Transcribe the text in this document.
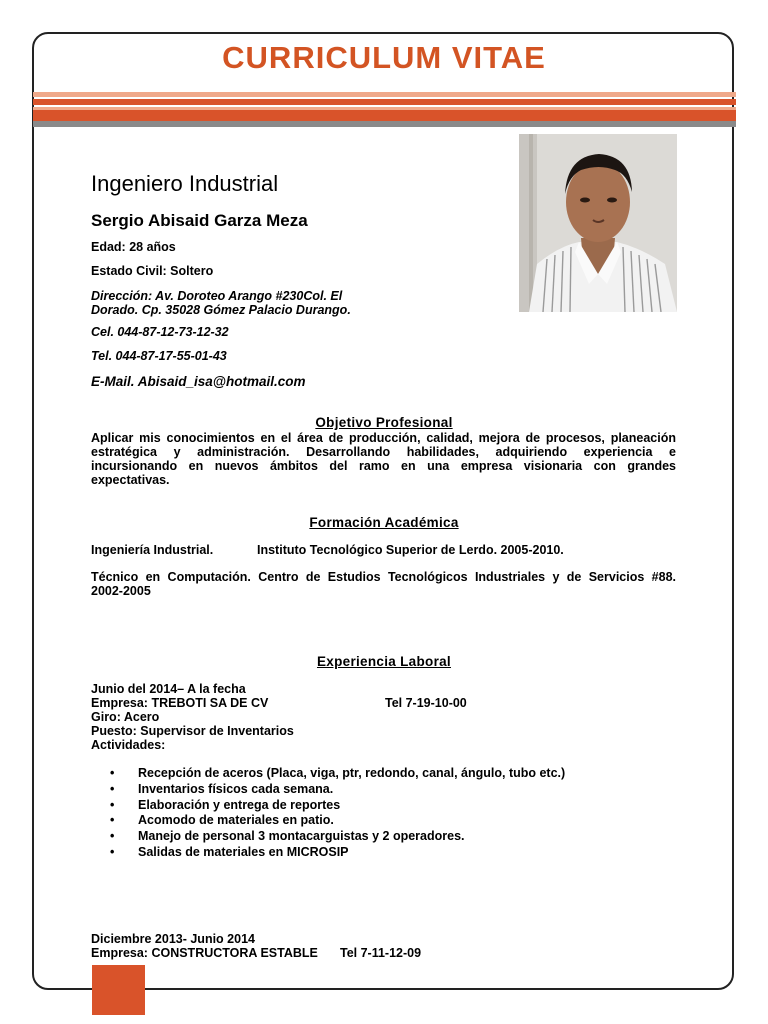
CURRICULUM VITAE
Ingeniero Industrial
Sergio Abisaid Garza Meza
Edad: 28 años
Estado Civil: Soltero
Dirección: Av. Doroteo Arango #230Col. El
Dorado. Cp. 35028 Gómez Palacio Durango.
Cel. 044-87-12-73-12-32
Tel. 044-87-17-55-01-43
E-Mail. Abisaid_isa@hotmail.com
Objetivo Profesional
Aplicar mis conocimientos en el área de producción, calidad, mejora de procesos, planeación
estratégica y administración. Desarrollando habilidades, adquiriendo experiencia e
incursionando en nuevos ámbitos del ramo en una empresa visionaria con grandes
expectativas.
Formación Académica
Ingeniería Industrial.	Instituto Tecnológico Superior de Lerdo. 2005-2010.
Técnico en Computación. Centro de Estudios Tecnológicos Industriales y de Servicios #88.
2002-2005
Experiencia Laboral
Junio del 2014– A la fecha
Empresa: TREBOTI SA DE CV	Tel 7-19-10-00
Giro: Acero
Puesto: Supervisor de Inventarios
Actividades:
• Recepción de aceros (Placa, viga, ptr, redondo, canal, ángulo, tubo etc.)
• Inventarios físicos cada semana.
• Elaboración y entrega de reportes
• Acomodo de materiales en patio.
• Manejo de personal 3 montacarguistas y 2 operadores.
• Salidas de materiales en MICROSIP
Diciembre 2013- Junio 2014
Empresa: CONSTRUCTORA ESTABLE Tel 7-11-12-09
